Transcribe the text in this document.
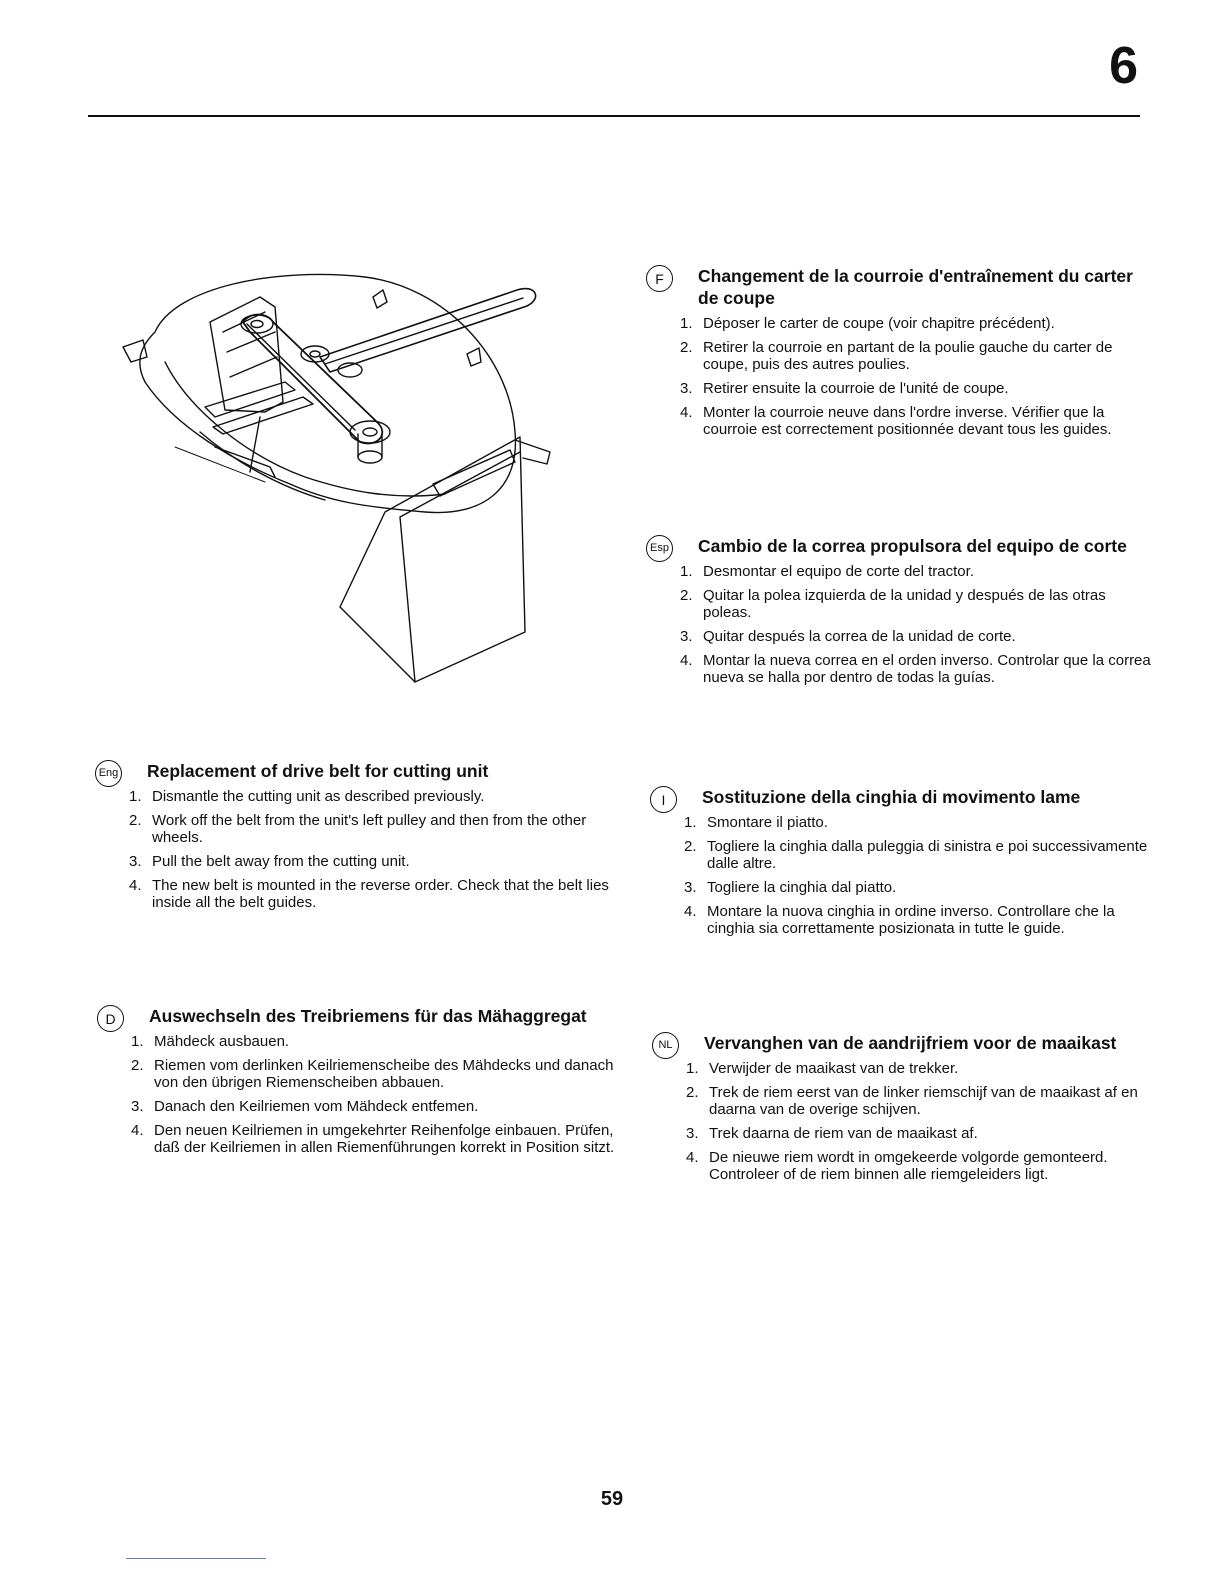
6
Eng	Replacement of drive belt for cutting unit
1. Dismantle the cutting unit as described previously.
2. Work off the belt from the unit's left pulley and then from the other wheels.
3. Pull the belt away from the cutting unit.
4. The new belt is mounted in the reverse order. Check that the belt lies inside all the belt guides.
D	Auswechseln des Treibriemens für das Mähaggregat
1. Mähdeck ausbauen.
2. Riemen vom derlinken Keilriemenscheibe des Mähdecks und danach von den übrigen Riemenscheiben abbauen.
3. Danach den Keilriemen vom Mähdeck entfemen.
4. Den neuen Keilriemen in umgekehrter Reihenfolge einbauen. Prüfen, daß der Keilriemen in allen Riemenführungen korrekt in Position sitzt.
F	Changement de la courroie d'entraînement du carter de coupe
1. Déposer le carter de coupe (voir chapitre précédent).
2. Retirer la courroie en partant de la poulie gauche du carter de coupe, puis des autres poulies.
3. Retirer ensuite la courroie de l'unité de coupe.
4. Monter la courroie neuve dans l'ordre inverse. Vérifier que la courroie est correctement positionnée devant tous les guides.
Esp	Cambio de la correa propulsora del equipo de corte
1. Desmontar el equipo de corte del tractor.
2. Quitar la polea izquierda de la unidad y después de las otras poleas.
3. Quitar después la correa de la unidad de corte.
4. Montar la nueva correa en el orden inverso. Controlar que la correa nueva se halla por dentro de todas la guías.
I	Sostituzione della cinghia di movimento lame
1. Smontare il piatto.
2. Togliere la cinghia dalla puleggia di sinistra e poi successivamente dalle altre.
3. Togliere la cinghia dal piatto.
4. Montare la nuova cinghia in ordine inverso. Controllare che la cinghia sia correttamente posizionata in tutte le guide.
NL	Vervanghen van de aandrijfriem voor de maaikast
1. Verwijder de maaikast van de trekker.
2. Trek de riem eerst van de linker riemschijf van de maaikast af en daarna van de overige schijven.
3. Trek daarna de riem van de maaikast af.
4. De nieuwe riem wordt in omgekeerde volgorde gemonteerd. Controleer of de riem binnen alle riemgeleiders ligt.
59
